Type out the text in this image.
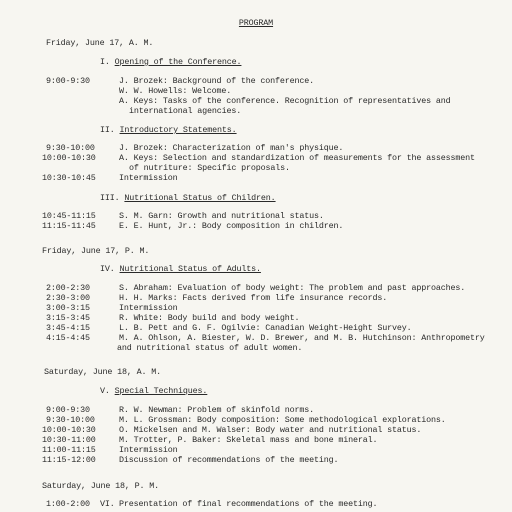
PROGRAM
Friday, June 17, A. M.
I. Opening of the Conference.
9:00-9:30	J. Brozek: Background of the conference.
W. W. Howells: Welcome.
A. Keys: Tasks of the conference. Recognition of representatives and
international agencies.
II. Introductory Statements.
9:30-10:00	J. Brozek: Characterization of man's physique.
10:00-10:30	A. Keys: Selection and standardization of measurements for the assessment
of nutriture: Specific proposals.
10:30-10:45	Intermission
III. Nutritional Status of Children.
10:45-11:15	S. M. Garn: Growth and nutritional status.
11:15-11:45	E. E. Hunt, Jr.: Body composition in children.
Friday, June 17, P. M.
IV. Nutritional Status of Adults.
2:00-2:30	S. Abraham: Evaluation of body weight: The problem and past approaches.
2:30-3:00	H. H. Marks: Facts derived from life insurance records.
3:00-3:15	Intermission
3:15-3:45	R. White: Body build and body weight.
3:45-4:15	L. B. Pett and G. F. Ogilvie: Canadian Weight-Height Survey.
4:15-4:45	M. A. Ohlson, A. Biester, W. D. Brewer, and M. B. Hutchinson: Anthropometry
and nutritional status of adult women.
Saturday, June 18, A. M.
V. Special Techniques.
9:00-9:30	R. W. Newman: Problem of skinfold norms.
9:30-10:00	M. L. Grossman: Body composition: Some methodological explorations.
10:00-10:30	O. Mickelsen and M. Walser: Body water and nutritional status.
10:30-11:00	M. Trotter, P. Baker: Skeletal mass and bone mineral.
11:00-11:15	Intermission
11:15-12:00	Discussion of recommendations of the meeting.
Saturday, June 18, P. M.
1:00-2:00 VI. Presentation of final recommendations of the meeting.
